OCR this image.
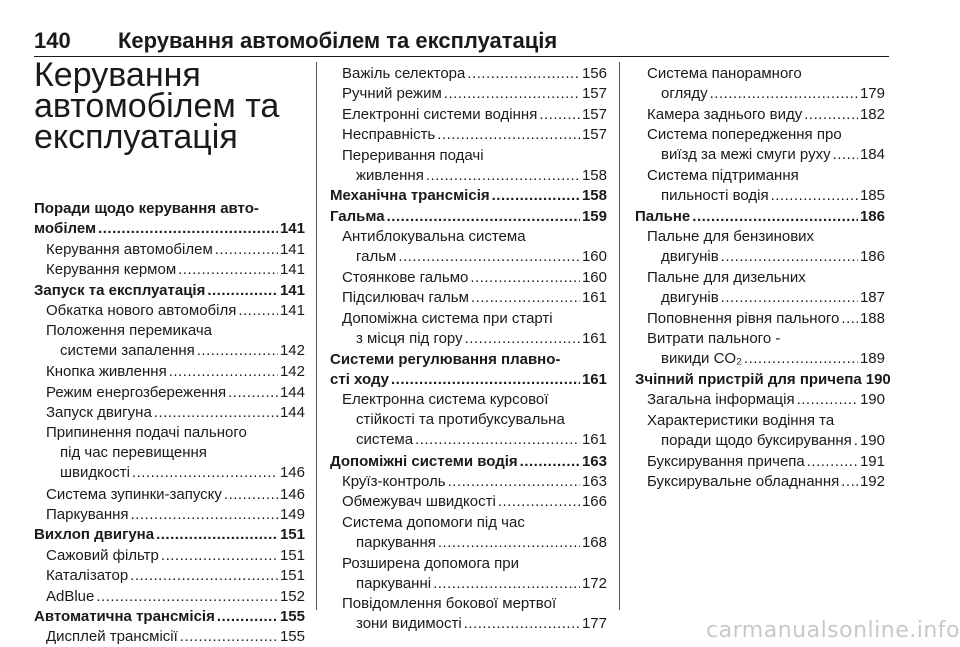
140 Керування автомобілем та експлуатація
Керування автомобілем та експлуатація
Поради щодо керування авто-
мобілем .....	141
Керування автомобілем .....	141
Керування кермом .....	141
Запуск та експлуатація .....	141
Обкатка нового автомобіля .....	141
Положення перемикача
системи запалення .....	142
Кнопка живлення .....	142
Режим енергозбереження .....	144
Запуск двигуна .....	144
Припинення подачі пального
під час перевищення
швидкості .....	146
Система зупинки-запуску .....	146
Паркування .....	149
Вихлоп двигуна .....	151
Сажовий фільтр .....	151
Каталізатор .....	151
AdBlue .....	152
Автоматична трансмісія .....	155
Дисплей трансмісії .....	155
Важіль селектора .....	156
Ручний режим .....	157
Електронні системи водіння .....	157
Несправність .....	157
Переривання подачі
живлення .....	158
Механічна трансмісія .....	158
Гальма .....	159
Антиблокувальна система
гальм .....	160
Стоянкове гальмо .....	160
Підсилювач гальм .....	161
Допоміжна система при старті
з місця під гору .....	161
Системи регулювання плавно-
сті ходу .....	161
Електронна система курсової
стійкості та протибуксувальна
система .....	161
Допоміжні системи водія .....	163
Круїз-контроль .....	163
Обмежувач швидкості .....	166
Система допомоги під час
паркування .....	168
Розширена допомога при
паркуванні .....	172
Повідомлення бокової мертвої
зони видимості .....	177
Система панорамного
огляду .....	179
Камера заднього виду .....	182
Система попередження про
виїзд за межі смуги руху ..... 184
Система підтримання
пильності водія .....	185
Пальне .....	186
Пальне для бензинових
двигунів .....	186
Пальне для дизельних
двигунів .....	187
Поповнення рівня пального ..... 188
Витрати пального -
викиди CO₂ .....	189
Зчіпний пристрій для причепа 190
Загальна інформація .....	190
Характеристики водіння та
поради щодо буксирування ..... 190
Буксирування причепа .....	191
Буксирувальне обладнання ..... 192
carmanualsonline.info
